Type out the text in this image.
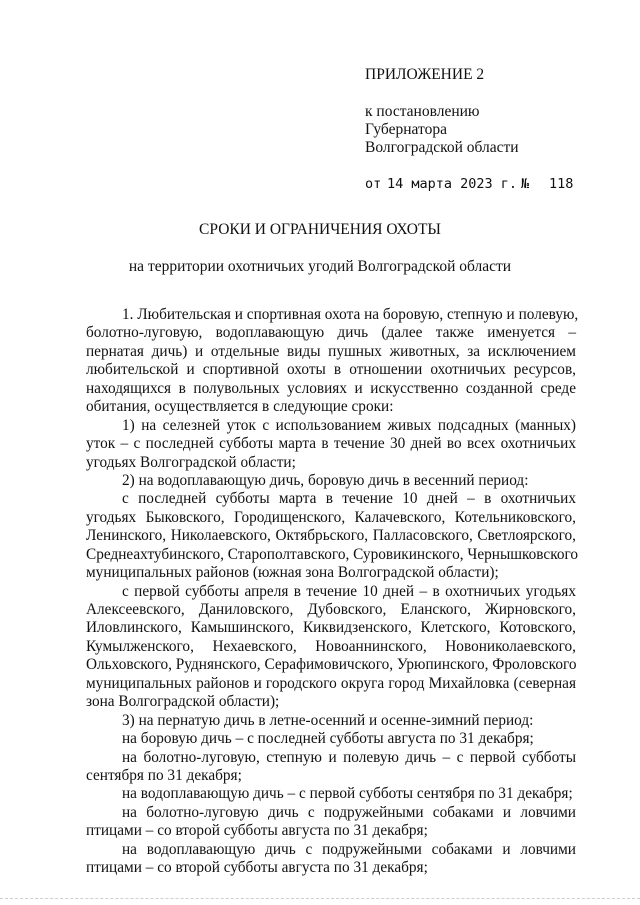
ПРИЛОЖЕНИЕ 2
к постановлению
Губернатора
Волгоградской области
от 14 марта 2023 г. № 118
СРОКИ И ОГРАНИЧЕНИЯ ОХОТЫ
на территории охотничьих угодий Волгоградской области
1. Любительская и спортивная охота на боровую, степную и полевую,
болотно-луговую, водоплавающую дичь (далее также именуется –
пернатая дичь) и отдельные виды пушных животных, за исключением
любительской и спортивной охоты в отношении охотничьих ресурсов,
находящихся в полувольных условиях и искусственно созданной среде
обитания, осуществляется в следующие сроки:
1) на селезней уток с использованием живых подсадных (манных)
уток – с последней субботы марта в течение 30 дней во всех охотничьих
угодьях Волгоградской области;
2) на водоплавающую дичь, боровую дичь в весенний период:
с последней субботы марта в течение 10 дней – в охотничьих
угодьях Быковского, Городищенского, Калачевского, Котельниковского,
Ленинского, Николаевского, Октябрьского, Палласовского, Светлоярского,
Среднеахтубинского, Старополтавского, Суровикинского, Чернышковского
муниципальных районов (южная зона Волгоградской области);
с первой субботы апреля в течение 10 дней – в охотничьих угодьях
Алексеевского, Даниловского, Дубовского, Еланского, Жирновского,
Иловлинского, Камышинского, Киквидзенского, Клетского, Котовского,
Кумылженского, Нехаевского, Новоаннинского, Новониколаевского,
Ольховского, Руднянского, Серафимовичского, Урюпинского, Фроловского
муниципальных районов и городского округа город Михайловка (северная
зона Волгоградской области);
3) на пернатую дичь в летне-осенний и осенне-зимний период:
на боровую дичь – с последней субботы августа по 31 декабря;
на болотно-луговую, степную и полевую дичь – с первой субботы
сентября по 31 декабря;
на водоплавающую дичь – с первой субботы сентября по 31 декабря;
на болотно-луговую дичь с подружейными собаками и ловчими
птицами – со второй субботы августа по 31 декабря;
на водоплавающую дичь с подружейными собаками и ловчими
птицами – со второй субботы августа по 31 декабря;
